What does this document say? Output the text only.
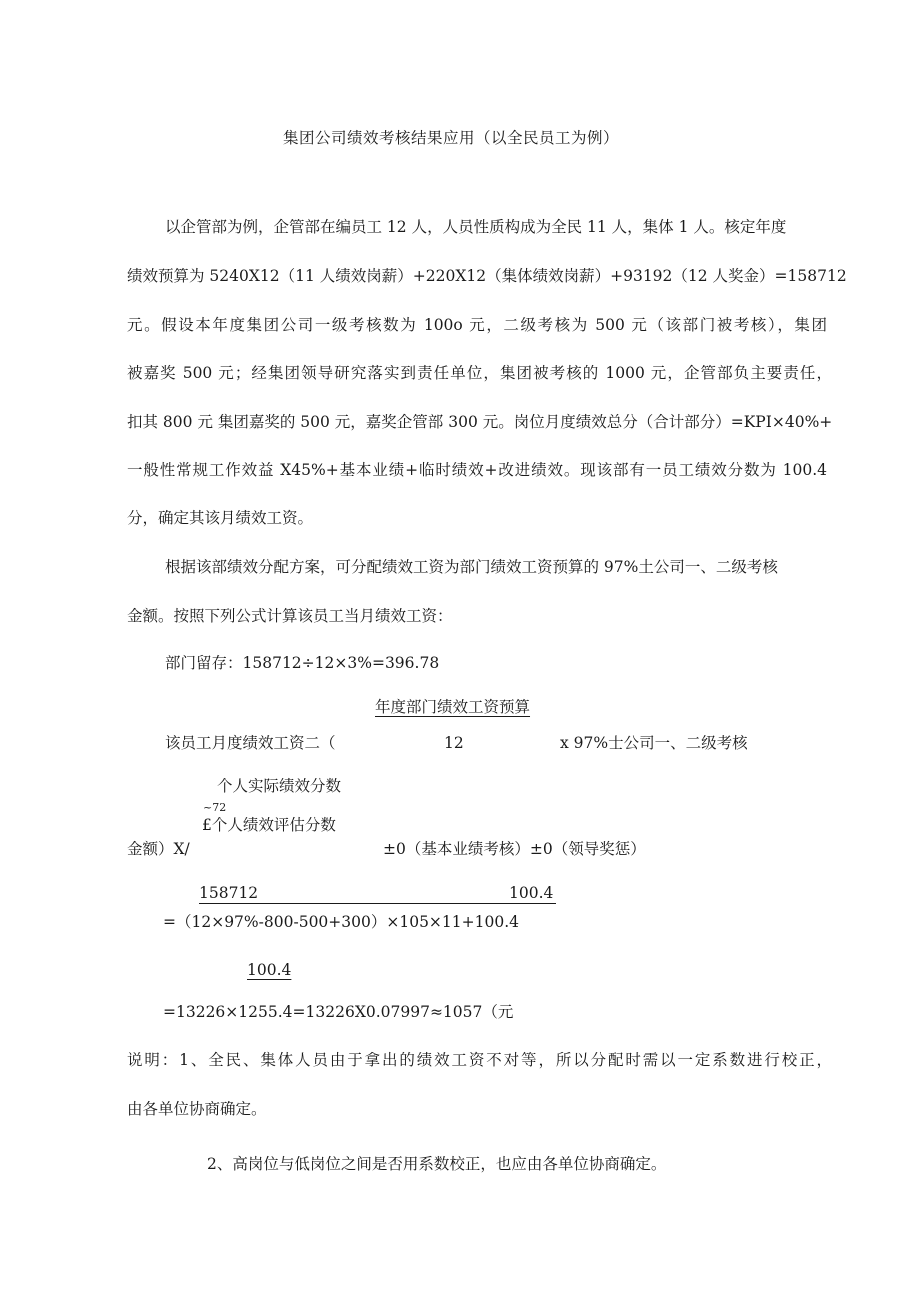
集团公司绩效考核结果应用（以全民员工为例）
以企管部为例，企管部在编员工 12 人，人员性质构成为全民 11 人，集体 1 人。核定年度
绩效预算为 5240X12（11 人绩效岗薪）+220X12（集体绩效岗薪）+93192（12 人奖金）=158712
元。假设本年度集团公司一级考核数为 100o 元，二级考核为 500 元（该部门被考核），集团
被嘉奖 500 元；经集团领导研究落实到责任单位，集团被考核的 1000 元，企管部负主要责任，
扣其 800 元 集团嘉奖的 500 元，嘉奖企管部 300 元。岗位月度绩效总分（合计部分）=KPI×40%+
一般性常规工作效益 X45%+基本业绩+临时绩效+改进绩效。现该部有一员工绩效分数为 100.4
分，确定其该月绩效工资。
根据该部绩效分配方案，可分配绩效工资为部门绩效工资预算的 97%土公司一、二级考核
金额。按照下列公式计算该员工当月绩效工资：
部门留存：158712÷12×3%=396.78
年度部门绩效工资预算
该员工月度绩效工资二（	12	x 97%士公司一、二级考核
个人实际绩效分数
~72
£个人绩效评估分数
金额）X/	±0（基本业绩考核）±0（领导奖惩）
158712	100.4
=（12×97%-800-500+300）×105×11+100.4
100.4
=13226×1255.4=13226X0.07997≈1057（元
说明：1、全民、集体人员由于拿出的绩效工资不对等，所以分配时需以一定系数进行校正，
由各单位协商确定。
2、高岗位与低岗位之间是否用系数校正，也应由各单位协商确定。
